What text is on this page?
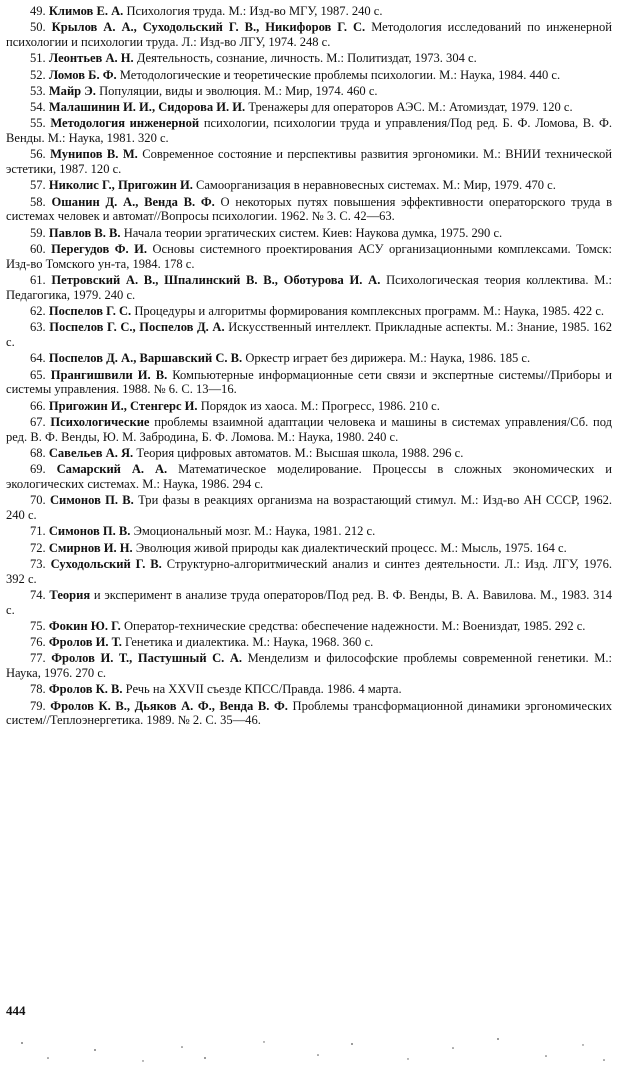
49. Климов Е. А. Психология труда. М.: Изд-во МГУ, 1987. 240 с.
50. Крылов А. А., Суходольский Г. В., Никифоров Г. С. Методология исследований по инженерной психологии и психологии труда. Л.: Изд-во ЛГУ, 1974. 248 с.
51. Леонтьев А. Н. Деятельность, сознание, личность. М.: Политиздат, 1973. 304 с.
52. Ломов Б. Ф. Методологические и теоретические проблемы психологии. М.: Наука, 1984. 440 с.
53. Майр Э. Популяции, виды и эволюция. М.: Мир, 1974. 460 с.
54. Малашинин И. И., Сидорова И. И. Тренажеры для операторов АЭС. М.: Атомиздат, 1979. 120 с.
55. Методология инженерной психологии, психологии труда и управления/Под ред. Б. Ф. Ломова, В. Ф. Венды. М.: Наука, 1981. 320 с.
56. Мунипов В. М. Современное состояние и перспективы развития эргономики. М.: ВНИИ технической эстетики, 1987. 120 с.
57. Николис Г., Пригожин И. Самоорганизация в неравновесных системах. М.: Мир, 1979. 470 с.
58. Ошанин Д. А., Венда В. Ф. О некоторых путях повышения эффективности операторского труда в системах человек и автомат//Вопросы психологии. 1962. № 3. С. 42—63.
59. Павлов В. В. Начала теории эргатических систем. Киев: Наукова думка, 1975. 290 с.
60. Перегудов Ф. И. Основы системного проектирования АСУ организационными комплексами. Томск: Изд-во Томского ун-та, 1984. 178 с.
61. Петровский А. В., Шпалинский В. В., Оботурова И. А. Психологическая теория коллектива. М.: Педагогика, 1979. 240 с.
62. Поспелов Г. С. Процедуры и алгоритмы формирования комплексных программ. М.: Наука, 1985. 422 с.
63. Поспелов Г. С., Поспелов Д. А. Искусственный интеллект. Прикладные аспекты. М.: Знание, 1985. 162 с.
64. Поспелов Д. А., Варшавский С. В. Оркестр играет без дирижера. М.: Наука, 1986. 185 с.
65. Прангишвили И. В. Компьютерные информационные сети связи и экспертные системы//Приборы и системы управления. 1988. № 6. С. 13—16.
66. Пригожин И., Стенгерс И. Порядок из хаоса. М.: Прогресс, 1986. 210 с.
67. Психологические проблемы взаимной адаптации человека и машины в системах управления/Сб. под ред. В. Ф. Венды, Ю. М. Забродина, Б. Ф. Ломова. М.: Наука, 1980. 240 с.
68. Савельев А. Я. Теория цифровых автоматов. М.: Высшая школа, 1988. 296 с.
69. Самарский А. А. Математическое моделирование. Процессы в сложных экономических и экологических системах. М.: Наука, 1986. 294 с.
70. Симонов П. В. Три фазы в реакциях организма на возрастающий стимул. М.: Изд-во АН СССР, 1962. 240 с.
71. Симонов П. В. Эмоциональный мозг. М.: Наука, 1981. 212 с.
72. Смирнов И. Н. Эволюция живой природы как диалектический процесс. М.: Мысль, 1975. 164 с.
73. Суходольский Г. В. Структурно-алгоритмический анализ и синтез деятельности. Л.: Изд. ЛГУ, 1976. 392 с.
74. Теория и эксперимент в анализе труда операторов/Под ред. В. Ф. Венды, В. А. Вавилова. М., 1983. 314 с.
75. Фокин Ю. Г. Оператор-технические средства: обеспечение надежности. М.: Воениздат, 1985. 292 с.
76. Фролов И. Т. Генетика и диалектика. М.: Наука, 1968. 360 с.
77. Фролов И. Т., Пастушный С. А. Менделизм и философские проблемы современной генетики. М.: Наука, 1976. 270 с.
78. Фролов К. В. Речь на XXVII съезде КПСС/Правда. 1986. 4 марта.
79. Фролов К. В., Дьяков А. Ф., Венда В. Ф. Проблемы трансформационной динамики эргономических систем//Теплоэнергетика. 1989. № 2. С. 35—46.
444
